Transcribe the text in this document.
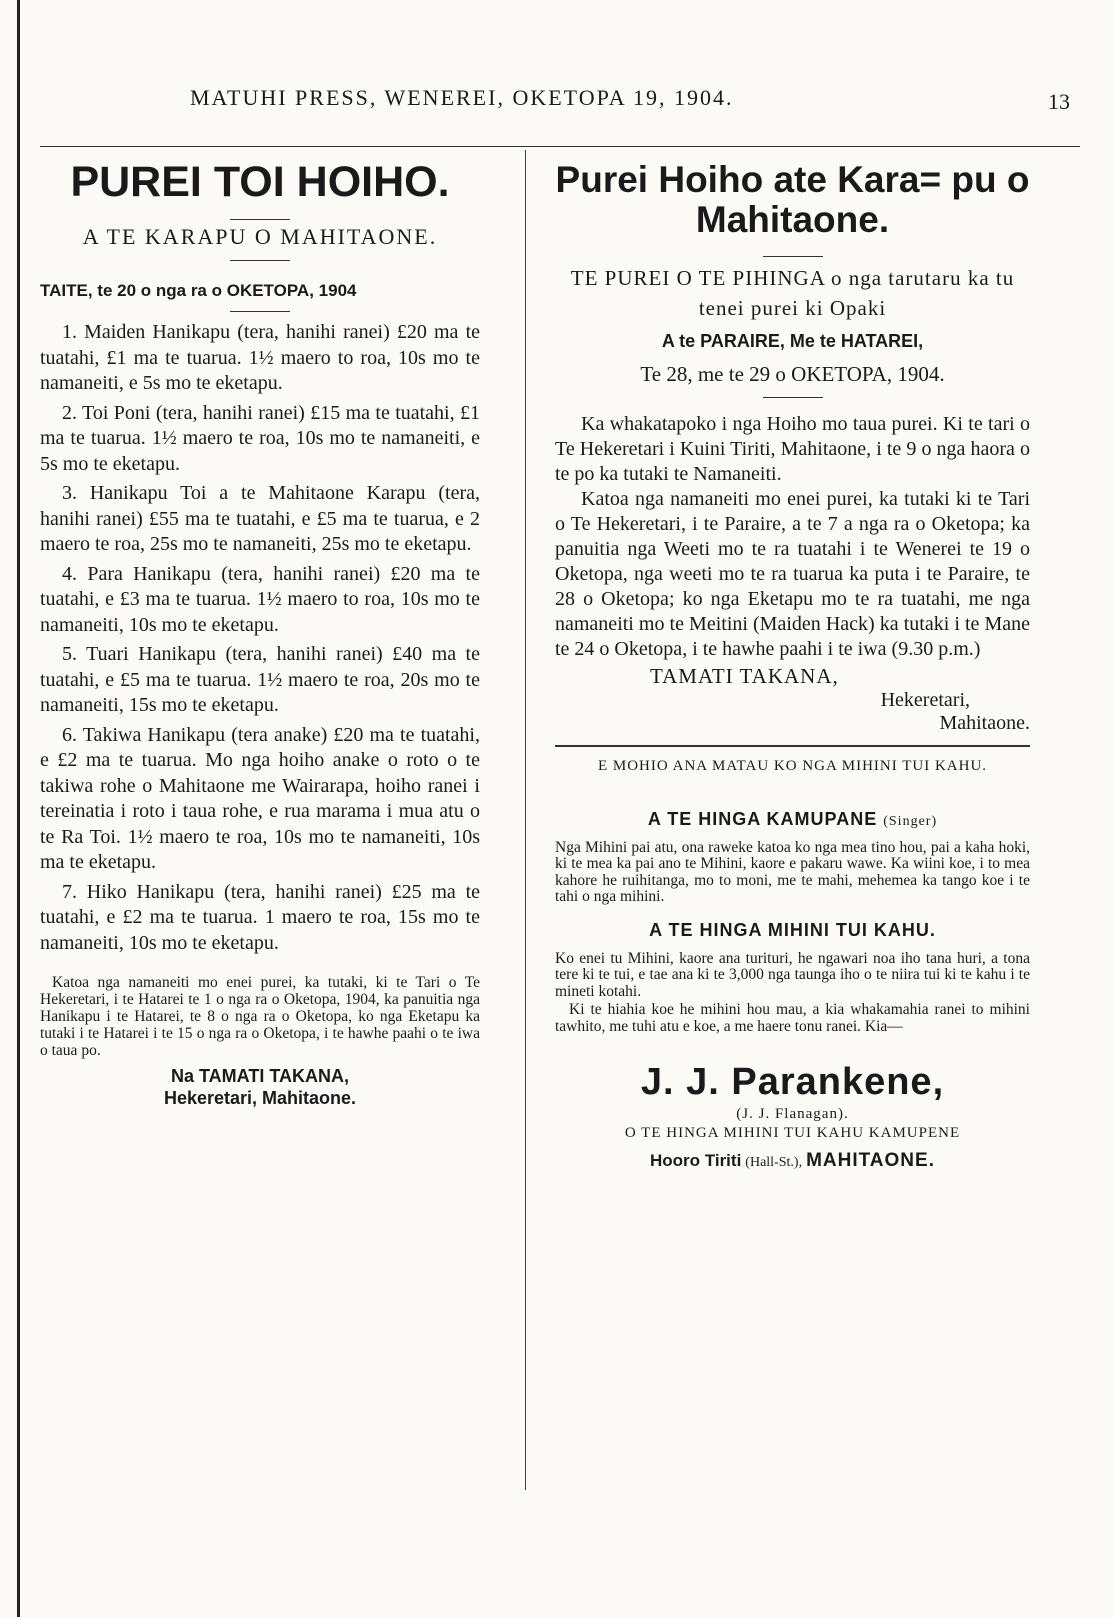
MATUHI PRESS, WENEREI, OKETOPA 19, 1904.	13
PUREI TOI HOIHO.

A TE KARAPU O MAHITAONE.

TAITE, te 20 o nga ra o OKETOPA, 1904

1. Maiden Hanikapu (tera, hanihi ranei) £20 ma te tuatahi, £1 ma te tuarua. 1½ maero to roa, 10s mo te namaneiti, e 5s mo te eketapu.

2. Toi Poni (tera, hanihi ranei) £15 ma te tuatahi, £1 ma te tuarua. 1½ maero te roa, 10s mo te namaneiti, e 5s mo te eketapu.

3. Hanikapu Toi a te Mahitaone Karapu (tera, hanihi ranei) £55 ma te tuatahi, e £5 ma te tuarua, e 2 maero te roa, 25s mo te namaneiti, 25s mo te eketapu.

4. Para Hanikapu (tera, hanihi ranei) £20 ma te tuatahi, e £3 ma te tuarua. 1½ maero to roa, 10s mo te namaneiti, 10s mo te eketapu.

5. Tuari Hanikapu (tera, hanihi ranei) £40 ma te tuatahi, e £5 ma te tuarua. 1½ maero te roa, 20s mo te namaneiti, 15s mo te eketapu.

6. Takiwa Hanikapu (tera anake) £20 ma te tuatahi, e £2 ma te tuarua. Mo nga hoiho anake o roto o te takiwa rohe o Mahitaone me Wairarapa, hoiho ranei i tereinatia i roto i taua rohe, e rua marama i mua atu o te Ra Toi. 1½ maero te roa, 10s mo te namaneiti, 10s ma te eketapu.

7. Hiko Hanikapu (tera, hanihi ranei) £25 ma te tuatahi, e £2 ma te tuarua. 1 maero te roa, 15s mo te namaneiti, 10s mo te eketapu.

Katoa nga namaneiti mo enei purei, ka tutaki, ki te Tari o Te Hekeretari, i te Hatarei te 1 o nga ra o Oketopa, 1904, ka panuitia nga Hanikapu i te Hatarei, te 8 o nga ra o Oketopa, ko nga Eketapu ka tutaki i te Hatarei i te 15 o nga ra o Oketopa, i te hawhe paahi o te iwa o taua po.

Na TAMATI TAKANA,
Hekeretari, Mahitaone.

Purei Hoiho ate Kara= pu o Mahitaone.

TE PUREI O TE PIHINGA o nga tarutaru ka tu tenei purei ki Opaki

A te PARAIRE, Me te HATAREI,

Te 28, me te 29 o OKETOPA, 1904.

Ka whakatapoko i nga Hoiho mo taua purei. Ki te tari o Te Hekeretari i Kuini Tiriti, Mahitaone, i te 9 o nga haora o te po ka tutaki te Namaneiti.

Katoa nga namaneiti mo enei purei, ka tutaki ki te Tari o Te Hekeretari, i te Paraire, a te 7 a nga ra o Oketopa; ka panuitia nga Weeti mo te ra tuatahi i te Wenerei te 19 o Oketopa, nga weeti mo te ra tuarua ka puta i te Paraire, te 28 o Oketopa; ko nga Eketapu mo te ra tuatahi, me nga namaneiti mo te Meitini (Maiden Hack) ka tutaki i te Mane te 24 o Oketopa, i te hawhe paahi i te iwa (9.30 p.m.)

TAMATI TAKANA,

Hekeretari,

Mahitaone.

E MOHIO ANA MATAU KO NGA MIHINI TUI KAHU.

A TE HINGA KAMUPANE (Singer)

Nga Mihini pai atu, ona raweke katoa ko nga mea tino hou, pai a kaha hoki, ki te mea ka pai ano te Mihini, kaore e pakaru wawe. Ka wiini koe, i to mea kahore he ruihitanga, mo to moni, me te mahi, mehemea ka tango koe i te tahi o nga mihini.

A TE HINGA MIHINI TUI KAHU.

Ko enei tu Mihini, kaore ana turituri, he ngawari noa iho tana huri, a tona tere ki te tui, e tae ana ki te 3,000 nga taunga iho o te niira tui ki te kahu i te mineti kotahi.

Ki te hiahia koe he mihini hou mau, a kia whakamahia ranei to mihini tawhito, me tuhi atu e koe, a me haere tonu ranei. Kia—

J. J. Parankene,

(J. J. Flanagan).

O TE HINGA MIHINI TUI KAHU KAMUPENE

Hooro Tiriti (Hall-St.), MAHITAONE.
